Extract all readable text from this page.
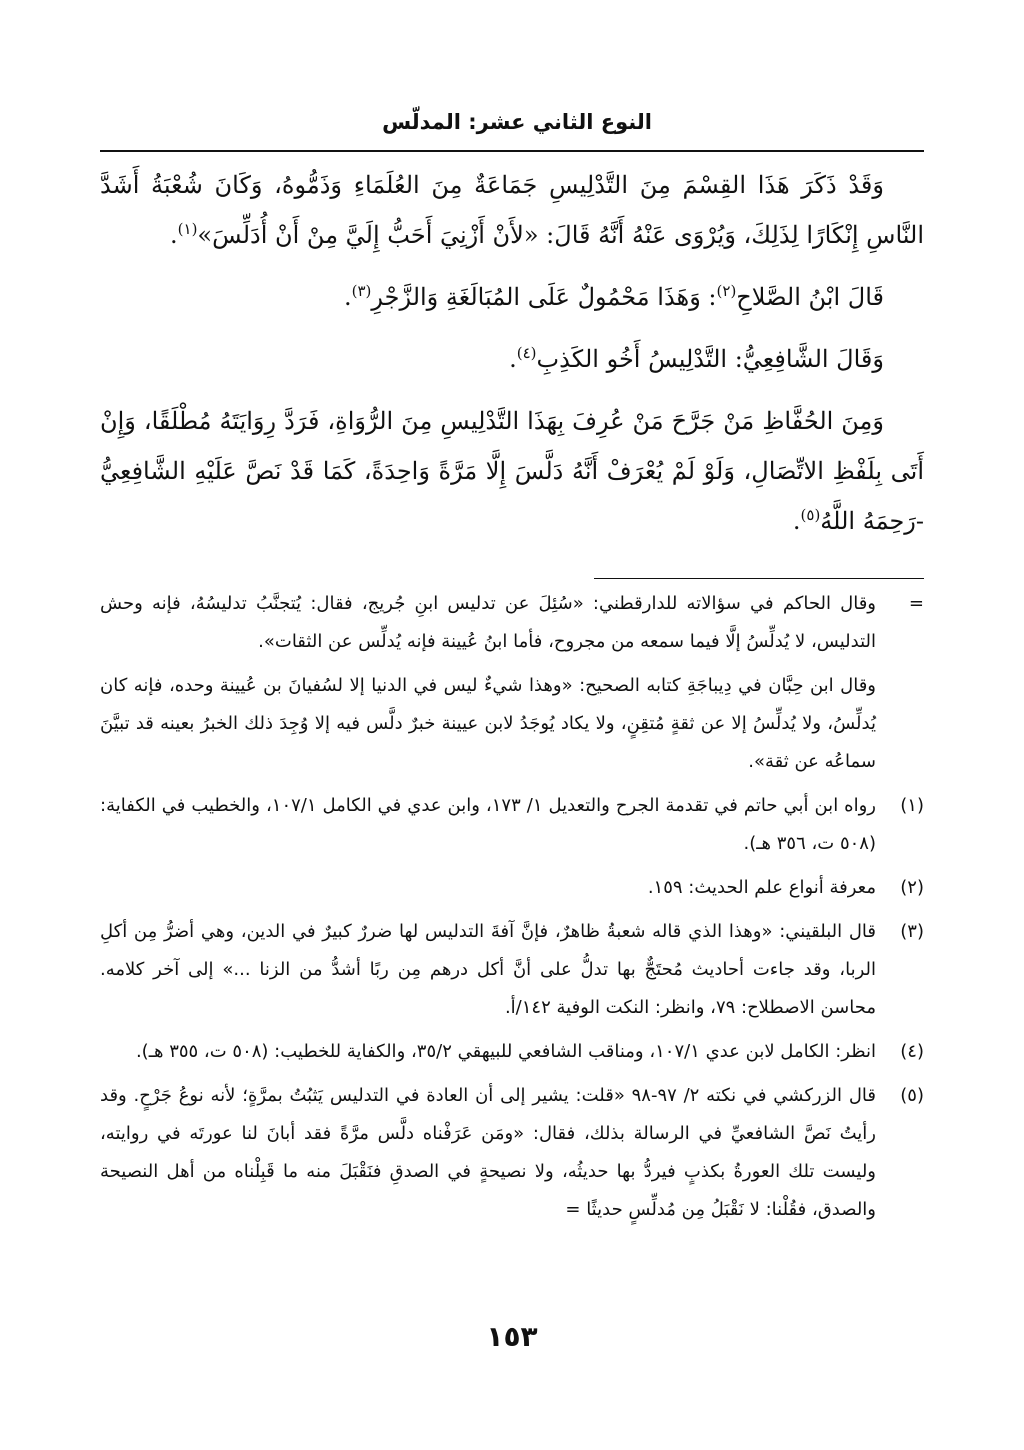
النوع الثاني عشر: المدلّس

وَقَدْ ذَكَرَ هَذَا القِسْمَ مِنَ التَّدْلِيسِ جَمَاعَةٌ مِنَ العُلَمَاءِ وَذَمُّوهُ، وَكَانَ شُعْبَةُ أَشَدَّ النَّاسِ إِنْكَارًا لِذَلِكَ، وَيُرْوَى عَنْهُ أَنَّهُ قَالَ: «لأَنْ أَزْنِيَ أَحَبُّ إِلَيَّ مِنْ أَنْ أُدَلِّسَ»$^{(١)}$.

قَالَ ابْنُ الصَّلاحِ$^{(٢)}$: وَهَذَا مَحْمُولٌ عَلَى المُبَالَغَةِ وَالزَّجْرِ$^{(٣)}$.

وَقَالَ الشَّافِعِيُّ: التَّدْلِيسُ أَخُو الكَذِبِ$^{(٤)}$.

وَمِنَ الحُفَّاظِ مَنْ جَرَّحَ مَنْ عُرِفَ بِهَذَا التَّدْلِيسِ مِنَ الرُّوَاةِ، فَرَدَّ رِوَايَتَهُ مُطْلَقًا، وَإِنْ أَتَى بِلَفْظِ الاتِّصَالِ، وَلَوْ لَمْ يُعْرَفْ أَنَّهُ دَلَّسَ إِلَّا مَرَّةً وَاحِدَةً، كَمَا قَدْ نَصَّ عَلَيْهِ الشَّافِعِيُّ -رَحِمَهُ اللَّهُ$^{(٥)}$.

=
وقال الحاكم في سؤالاته للدارقطني: «سُئِلَ عن تدليس ابنِ جُريج، فقال: يُتجنَّبُ تدليسُهُ، فإنه وحش التدليس، لا يُدلِّسُ إلَّا فيما سمعه من مجروح، فأما ابنُ عُيينة فإنه يُدلِّس عن الثقات».
وقال ابن حِبَّان في دِيباجَةِ كتابه الصحيح: «وهذا شيءٌ ليس في الدنيا إلا لسُفيانَ بن عُيينة وحده، فإنه كان يُدلِّسُ، ولا يُدلِّسُ إلا عن ثقةٍ مُتقِنٍ، ولا يكاد يُوجَدُ لابن عيينة خبرٌ دلَّس فيه إلا وُجِدَ ذلك الخبرُ بعينه قد تبيَّنَ سماعُه عن ثقة».
(١)
رواه ابن أبي حاتم في تقدمة الجرح والتعديل ١/ ١٧٣، وابن عدي في الكامل ١٠٧/١، والخطيب في الكفاية: (٥٠٨ ت، ٣٥٦ هـ).
(٢)
معرفة أنواع علم الحديث: ١٥٩.
(٣)
قال البلقيني: «وهذا الذي قاله شعبةُ ظاهرٌ، فإنَّ آفةَ التدليس لها ضررٌ كبيرٌ في الدين، وهي أضرُّ مِن أكلِ الربا، وقد جاءت أحاديث مُحتَجٌّ بها تدلُّ على أنَّ أكل درهم مِن ربًا أشدُّ من الزنا ...» إلى آخر كلامه. محاسن الاصطلاح: ٧٩، وانظر: النكت الوفية ١٤٢/أ.
(٤)
انظر: الكامل لابن عدي ١٠٧/١، ومناقب الشافعي للبيهقي ٣٥/٢، والكفاية للخطيب: (٥٠٨ ت، ٣٥٥ هـ).
(٥)
قال الزركشي في نكته ٢/ ٩٧-٩٨ «قلت: يشير إلى أن العادة في التدليس يَثبُتُ بمرَّةٍ؛ لأنه نوعُ جَرْحٍ. وقد رأيتُ نَصَّ الشافعيِّ في الرسالة بذلك، فقال: «ومَن عَرَفْناه دلَّس مرَّةً فقد أبانَ لنا عورتَه في روايته، وليست تلك العورةُ بكذبٍ فيردُّ بها حديثُه، ولا نصيحةٍ في الصدقِ فنَقْبَلَ منه ما قَبِلْناه من أهل النصيحة والصدق، فقُلْنا: لا نَقْبَلُ مِن مُدلِّسٍ حديثًا =
١٥٣
